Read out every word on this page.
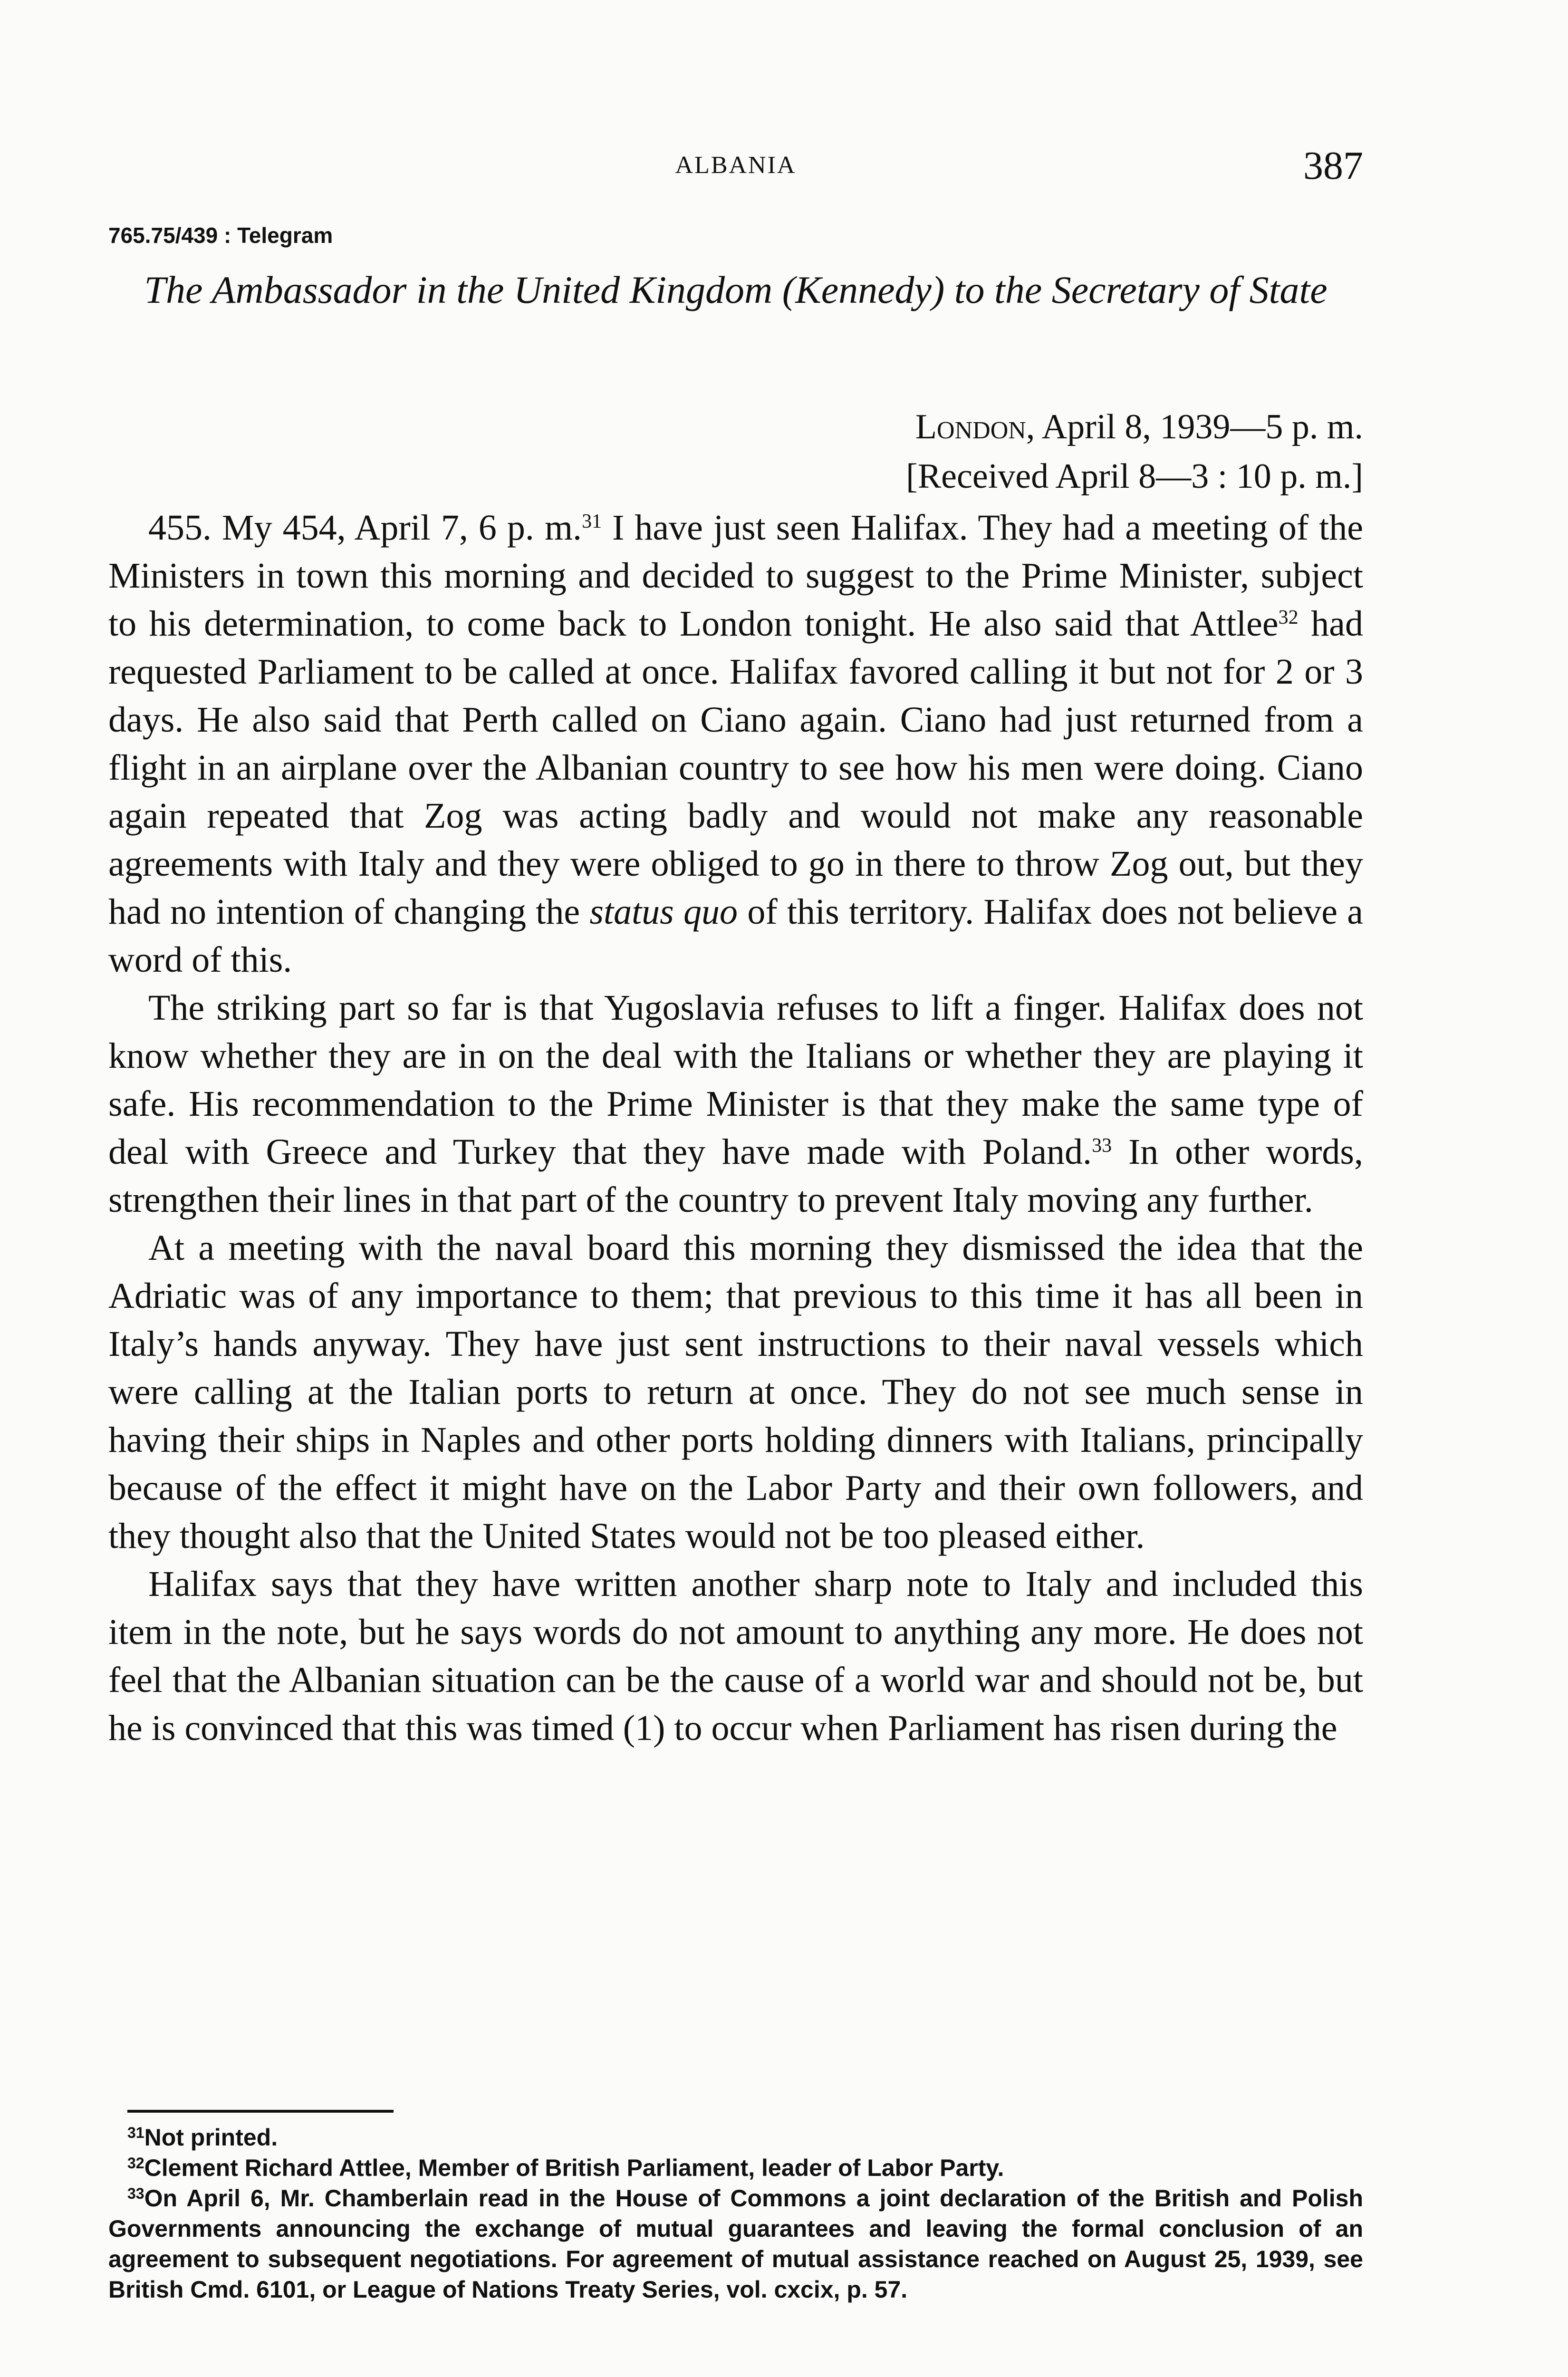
ALBANIA	387
765.75/439 : Telegram
The Ambassador in the United Kingdom (Kennedy) to the Secretary of State
London, April 8, 1939—5 p. m.
[Received April 8—3 : 10 p. m.]

455. My 454, April 7, 6 p. m.$^{31}$ I have just seen Halifax. They had a meeting of the Ministers in town this morning and decided to suggest to the Prime Minister, subject to his determination, to come back to London tonight. He also said that Attlee$^{32}$ had requested Parliament to be called at once. Halifax favored calling it but not for 2 or 3 days. He also said that Perth called on Ciano again. Ciano had just returned from a flight in an airplane over the Albanian country to see how his men were doing. Ciano again repeated that Zog was acting badly and would not make any reasonable agreements with Italy and they were obliged to go in there to throw Zog out, but they had no intention of changing the status quo of this territory. Halifax does not believe a word of this.

The striking part so far is that Yugoslavia refuses to lift a finger. Halifax does not know whether they are in on the deal with the Italians or whether they are playing it safe. His recommendation to the Prime Minister is that they make the same type of deal with Greece and Turkey that they have made with Poland.$^{33}$ In other words, strengthen their lines in that part of the country to prevent Italy moving any further.

At a meeting with the naval board this morning they dismissed the idea that the Adriatic was of any importance to them; that previous to this time it has all been in Italy’s hands anyway. They have just sent instructions to their naval vessels which were calling at the Italian ports to return at once. They do not see much sense in having their ships in Naples and other ports holding dinners with Italians, principally because of the effect it might have on the Labor Party and their own followers, and they thought also that the United States would not be too pleased either.

Halifax says that they have written another sharp note to Italy and included this item in the note, but he says words do not amount to anything any more. He does not feel that the Albanian situation can be the cause of a world war and should not be, but he is convinced that this was timed (1) to occur when Parliament has risen during the

$^{31}$Not printed.

$^{32}$Clement Richard Attlee, Member of British Parliament, leader of Labor Party.

$^{33}$On April 6, Mr. Chamberlain read in the House of Commons a joint declaration of the British and Polish Governments announcing the exchange of mutual guarantees and leaving the formal conclusion of an agreement to subsequent negotiations. For agreement of mutual assistance reached on August 25, 1939, see British Cmd. 6101, or League of Nations Treaty Series, vol. cxcix, p. 57.
